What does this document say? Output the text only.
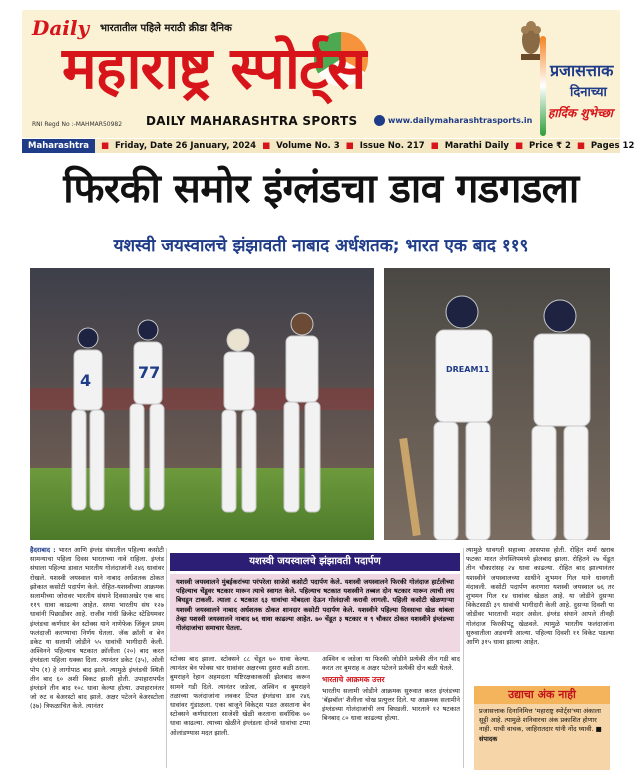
Daily भारतातील पहिले मराठी क्रीडा दैनिक
महाराष्ट्र स्पोर्ट्स
RNI Regd No :-MAHMAR50982 DAILY MAHARASHTRA SPORTS	www.dailymaharashtrasports.in
प्रजासत्ताक
दिनाच्या
हार्दिक शुभेच्छा
Maharashtra	■ Friday, Date 26 January, 2024 ■ Volume No. 3 ■ Issue No. 217 ■ Marathi Daily ■ Price ₹ 2 ■ Pages 12
फिरकी समोर इंग्लंडचा डाव गडगडला
यशस्वी जयस्वालचे झंझावती नाबाद अर्धशतक; भारत एक बाद ११९
4	77	DREAM11
हैदराबाद : भारत आणि इंग्लंड संघातील पहिल्या कसोटी सामन्याचा पहिला दिवस भारताच्या नावे राहिला. इंग्लंड संघाला पहिल्या डावात भारतीय गोलंदाजांनी २४६ धावांवर रोखले. यशस्वी जयस्वाल याने नाबाद अर्धशतक ठोकत झोकात कसोटी पदार्पण केले. रोहित-यशस्वीच्या आक्रमक सलामीच्या जोरावर भारतीय संघाने दिवसाअखेर एक बाद ११९ धावा काढल्या आहेत. सध्या भारतीय संघ १२७ धावांनी पिछाडीवर आहे. राजीव गांधी क्रिकेट स्टेडियमवर इंग्लंडचा कर्णधार बेन स्टोक्स याने नाणेफेक जिंकून प्रथम फलंदाजी करण्याचा निर्णय घेतला. जॅक क्रॉली व बेन डकेट या सलामी जोडीने ५५ धावांची भागीदारी केली. अश्विनने पहिल्याच षटकात क्रॉलीला (२०) बाद करत इंग्लंडला पहिला धक्का दिला. त्यानंतर डकेट (३५), ओली पोप (१) हे लागोपाठ बाद झाले. त्यामुळे इंग्लंडची स्थिती तीन बाद ६० अशी बिकट झाली होती. उपाहारापर्यंत इंग्लंडने तीन बाद १०८ धावा केल्या होत्या. उपाहारानंतर जो रुट व बेअरस्टो बाद झाले. अक्षर पटेलने बेअरस्टोला (३७) त्रिफळाचित केले. त्यानंतर
यशस्वी जयस्वालचे झंझावती पदार्पण
यशस्वी जयस्वालने मुंबईकरांच्या परंपरेला साजेसे कसोटी पदार्पण केले. यशस्वी जयस्वालने फिरकी गोलंदाज हार्टलीच्या पहिल्याच चेंडूवर षटकार मारून त्याचे स्वागत केले. पहिल्याच षटकात यशस्वीने तब्बल दोन षटकार मारून त्याची लय बिघडून टाकली. त्याला ८ षटकात ६३ धावांचा मोबदला देऊन गोलंदाजी करावी लागली. पहिली कसोटी खेळणाऱ्या यशस्वी जयस्वालने नाबाद अर्धशतक ठोकत शानदार कसोटी पदार्पण केले. यशस्वीने पहिल्या दिवसाचा खेळ थांबला तेव्हा यशस्वी जयस्वालने नाबाद ७६ धावा काढल्या आहेत. ७० चेंडूत ३ षटकार व ९ चौकार ठोकत यशस्वीने इंग्लंडच्या गोलंदाजांचा समाचार घेतला.
स्टोक्स बाद झाला. स्टोक्सने ८८ चेंडूत ७० धावा केल्या. त्यानंतर बेन फोक्स चार धावांवर अक्षरच्या दुसरा बळी ठरला. बुमराहने रेहान अहमदला यष्टिरक्षकाकरवी झेलबाद करून सामने गडी दिले. त्यानंतर जडेजा, अश्विन व बुमराहने तळाच्या फलंदाजांना लवकर टिपत इंग्लंडचा डाव २४६ धावांवर गुंडाळला. एका बाजूने विकेट्स पडत असताना बेन स्टोक्सने कर्णधाराला साजेशी खेळी करताना सर्वाधिक ७० धावा काढल्या. त्याच्या खेळीने इंग्लंडला दोनशे धावांचा टप्पा ओलांडण्यास मदत झाली.
अश्विन व जडेजा या फिरकी जोडीने प्रत्येकी तीन गडी बाद करत तर बुमराह व अक्षर पटेलने प्रत्येकी दोन बळी घेतले.
भारताचे आक्रमक उत्तर
भारतीय सलामी जोडीने आक्रमक सुरुवात करत इंग्लंडच्या 'बॅझबॉल' शैलीला चोख प्रत्युत्तर दिले. या आक्रमक सलामीने इंग्लंडच्या गोलंदाजांची लय बिघडली. भारताने १२ षटकात बिनबाद ८० धावा काढल्या होत्या.
त्यामुळे धावगती सहाव्या आसपास होती. रोहित शर्मा खराब फटका मारत लेगस्लिपमध्ये झेलबाद झाला. रोहितने २७ चेंडूत तीन चौकारांसह २४ धावा काढल्या. रोहित बाद झाल्यानंतर यशस्वीने जयस्वालच्या साथीने शुभमन गिल याने धावगती मंदावली. कसोटी पदार्पण करणारा यशस्वी जयस्वाल ७६ तर शुभमन गिल १४ धावांवर खेळत आहे. या जोडीने दुसऱ्या विकेटसाठी ३९ धावांची भागीदारी केली आहे. दुसऱ्या दिवशी या जोडीवर भारताची मदार असेल. इंग्लंड संघाने आपले तीनही गोलंदाज फिरकीपटू खेळवले. त्यामुळे भारतीय फलंदाजांना सुरुवातीला अडचणी आल्या. पहिल्या दिवशी ११ विकेट पडल्या आणि ३१५ धावा झाल्या आहेत.
उद्याचा अंक नाही
प्रजासत्ताक दिनानिमित्त 'महाराष्ट्र स्पोर्ट्स'च्या अंकाला सुट्टी आहे. त्यामुळे शनिवारचा अंक प्रकाशित होणार नाही. याची वाचक, जाहिरातदार यांनी नोंद घ्यावी. ■ संपादक
